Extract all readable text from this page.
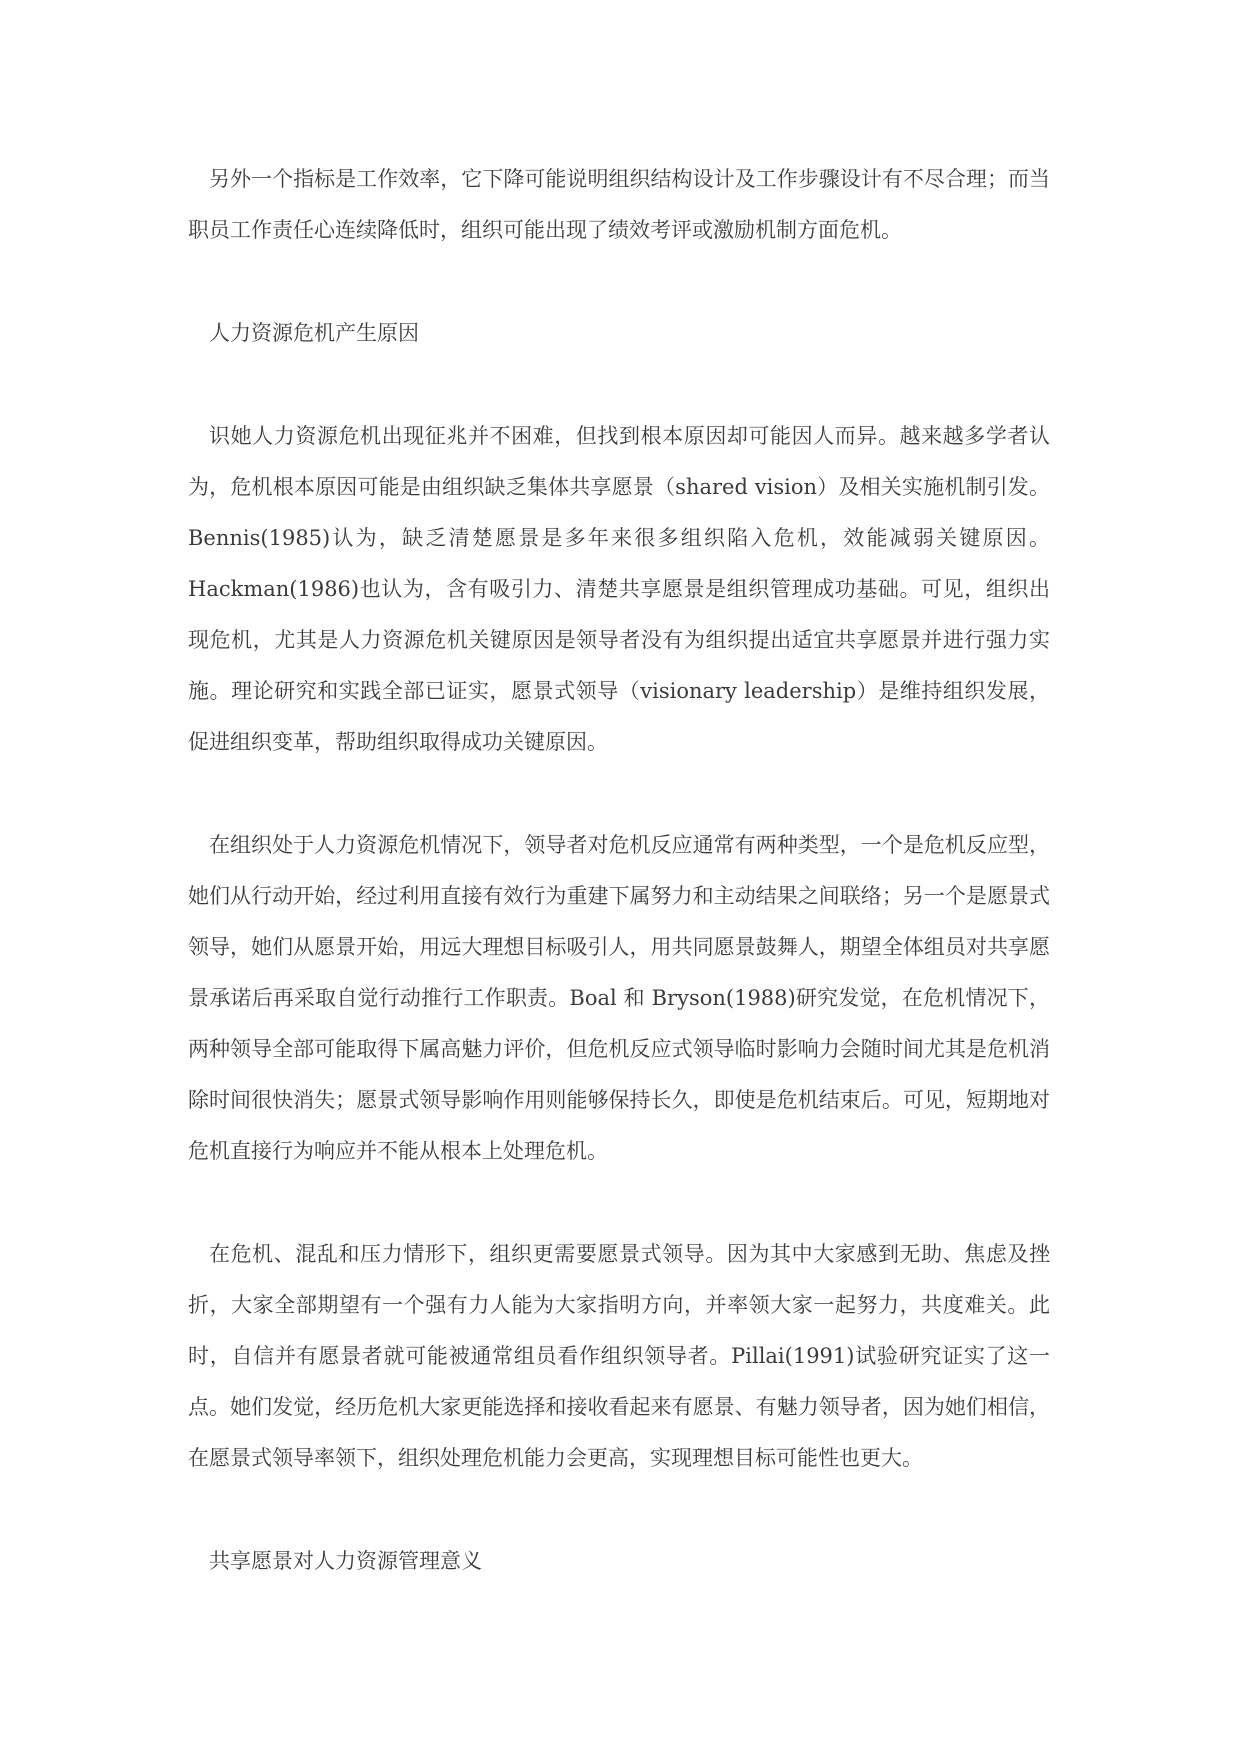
另外一个指标是工作效率，它下降可能说明组织结构设计及工作步骤设计有不尽合理；而当职员工作责任心连续降低时，组织可能出现了绩效考评或激励机制方面危机。

人力资源危机产生原因

识她人力资源危机出现征兆并不困难，但找到根本原因却可能因人而异。越来越多学者认为，危机根本原因可能是由组织缺乏集体共享愿景（shared vision）及相关实施机制引发。Bennis(1985)认为，缺乏清楚愿景是多年来很多组织陷入危机，效能减弱关键原因。Hackman(1986)也认为，含有吸引力、清楚共享愿景是组织管理成功基础。可见，组织出现危机，尤其是人力资源危机关键原因是领导者没有为组织提出适宜共享愿景并进行强力实施。理论研究和实践全部已证实，愿景式领导（visionary leadership）是维持组织发展，促进组织变革，帮助组织取得成功关键原因。

在组织处于人力资源危机情况下，领导者对危机反应通常有两种类型，一个是危机反应型，她们从行动开始，经过利用直接有效行为重建下属努力和主动结果之间联络；另一个是愿景式领导，她们从愿景开始，用远大理想目标吸引人，用共同愿景鼓舞人，期望全体组员对共享愿景承诺后再采取自觉行动推行工作职责。Boal 和 Bryson(1988)研究发觉，在危机情况下，两种领导全部可能取得下属高魅力评价，但危机反应式领导临时影响力会随时间尤其是危机消除时间很快消失；愿景式领导影响作用则能够保持长久，即使是危机结束后。可见，短期地对危机直接行为响应并不能从根本上处理危机。

在危机、混乱和压力情形下，组织更需要愿景式领导。因为其中大家感到无助、焦虑及挫折，大家全部期望有一个强有力人能为大家指明方向，并率领大家一起努力，共度难关。此时，自信并有愿景者就可能被通常组员看作组织领导者。Pillai(1991)试验研究证实了这一点。她们发觉，经历危机大家更能选择和接收看起来有愿景、有魅力领导者，因为她们相信，在愿景式领导率领下，组织处理危机能力会更高，实现理想目标可能性也更大。

共享愿景对人力资源管理意义
